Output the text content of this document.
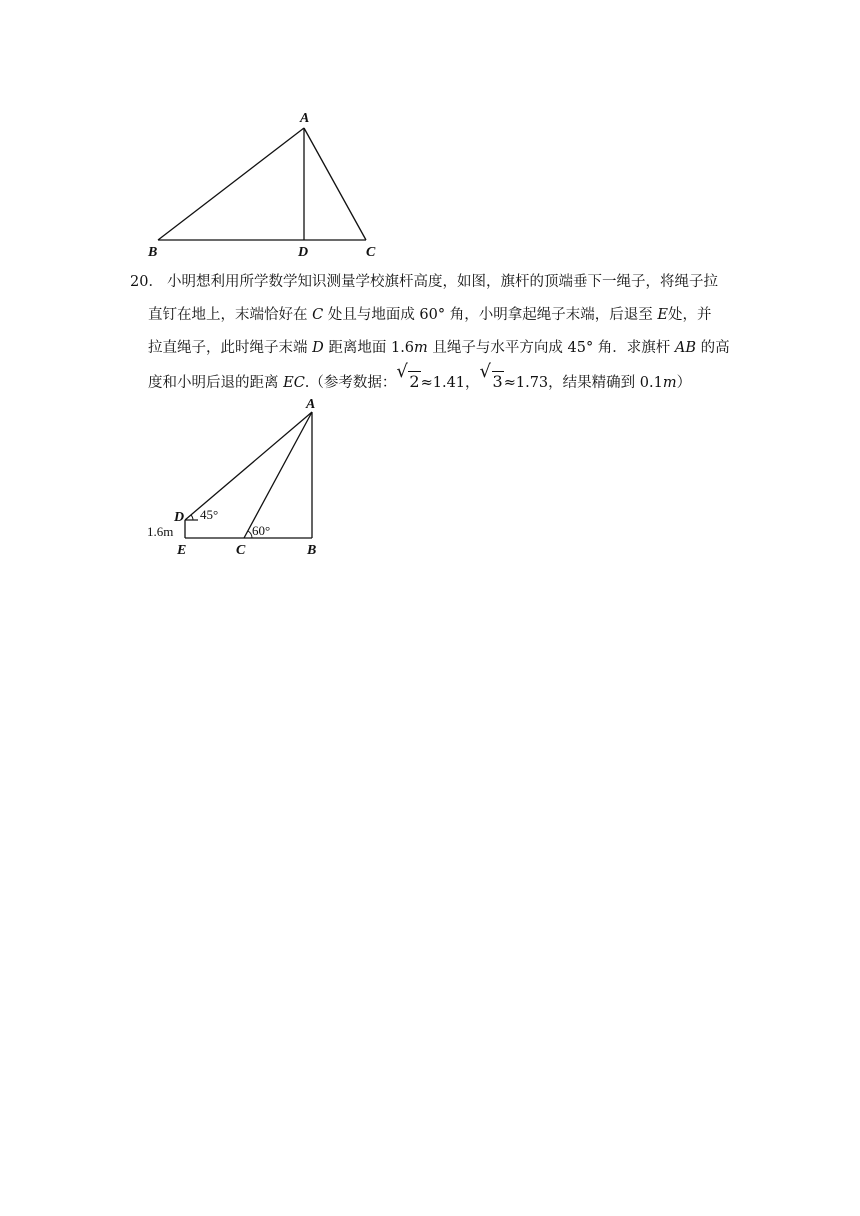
A
B	D	C
20． 小明想利用所学数学知识测量学校旗杆高度，如图，旗杆的顶端垂下一绳子，将绳子拉
直钉在地上，末端恰好在 C 处且与地面成 60° 角，小明拿起绳子末端，后退至 E处，并
拉直绳子，此时绳子末端 D 距离地面 1.6m 且绳子与水平方向成 45° 角．求旗杆 AB 的高
度和小明后退的距离 EC.（参考数据：
√ 2≈1.41，
√ 3≈1.73，结果精确到 0.1m）
A
D 45°
1.6m
E	C
60°
B
